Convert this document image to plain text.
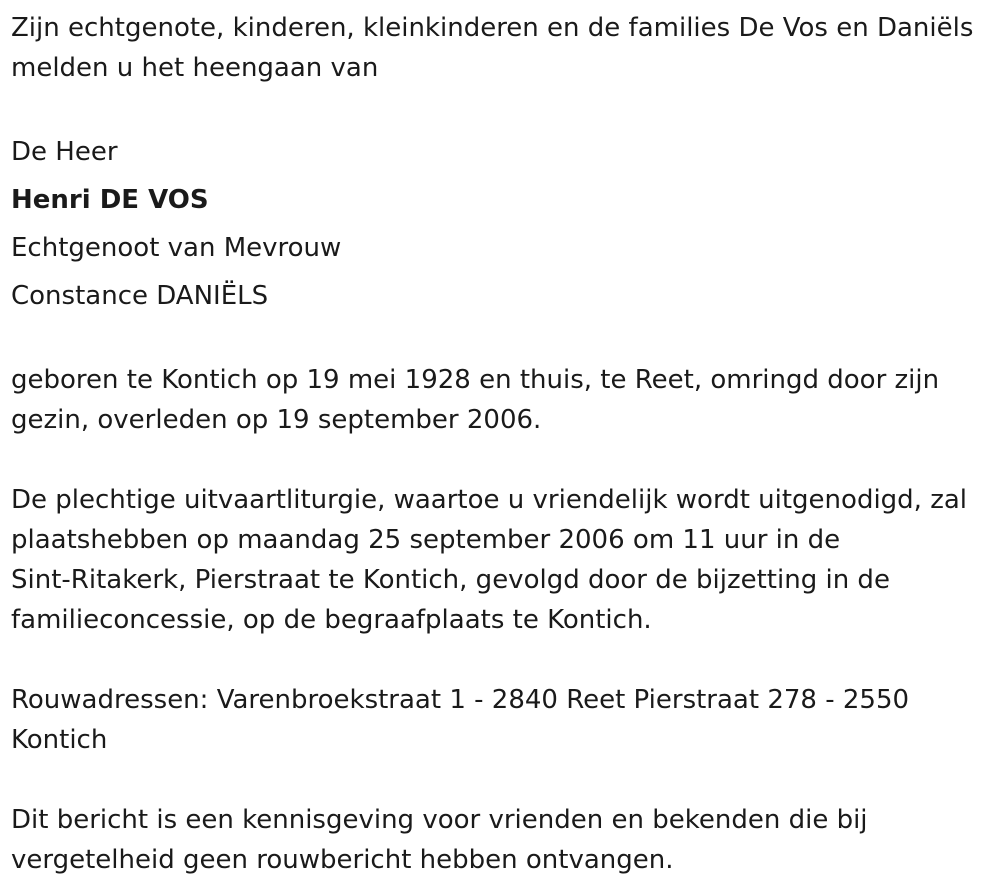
Zijn echtgenote, kinderen, kleinkinderen en de families De Vos en Daniëls

melden u het heengaan van

De Heer

Henri DE VOS

Echtgenoot van Mevrouw

Constance DANIËLS

geboren te Kontich op 19 mei 1928 en thuis, te Reet, omringd door zijn

gezin, overleden op 19 september 2006.

De plechtige uitvaartliturgie, waartoe u vriendelijk wordt uitgenodigd, zal

plaatshebben op maandag 25 september 2006 om 11 uur in de

Sint-Ritakerk, Pierstraat te Kontich, gevolgd door de bijzetting in de

familieconcessie, op de begraafplaats te Kontich.

Rouwadressen: Varenbroekstraat 1 - 2840 Reet Pierstraat 278 - 2550

Kontich

Dit bericht is een kennisgeving voor vrienden en bekenden die bij

vergetelheid geen rouwbericht hebben ontvangen.
